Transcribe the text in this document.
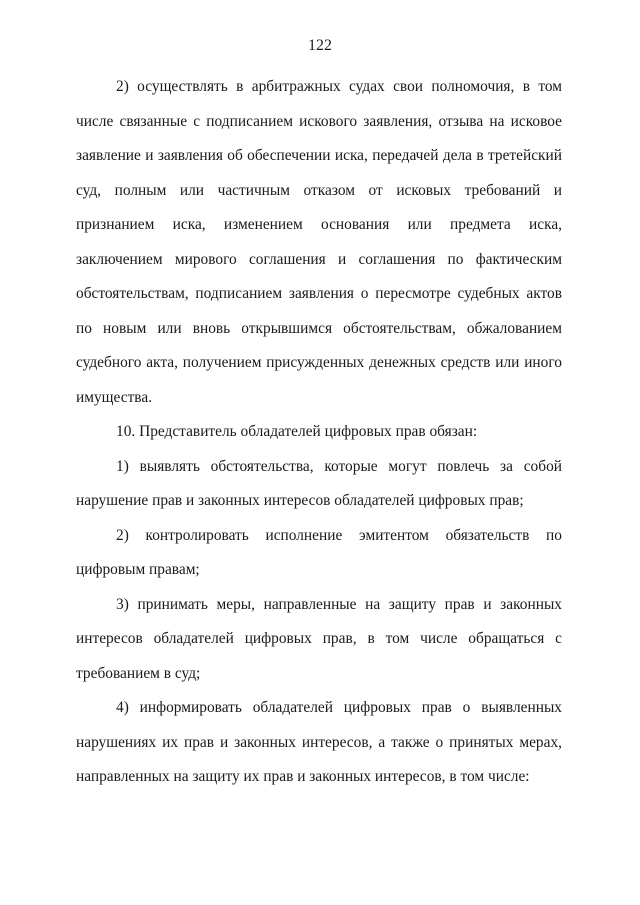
122

2) осуществлять в арбитражных судах свои полномочия, в том числе связанные с подписанием искового заявления, отзыва на исковое заявление и заявления об обеспечении иска, передачей дела в третейский суд, полным или частичным отказом от исковых требований и признанием иска, изменением основания или предмета иска, заключением мирового соглашения и соглашения по фактическим обстоятельствам, подписанием заявления о пересмотре судебных актов по новым или вновь открывшимся обстоятельствам, обжалованием судебного акта, получением присужденных денежных средств или иного имущества.

10. Представитель обладателей цифровых прав обязан:

1) выявлять обстоятельства, которые могут повлечь за собой нарушение прав и законных интересов обладателей цифровых прав;

2) контролировать исполнение эмитентом обязательств по цифровым правам;

3) принимать меры, направленные на защиту прав и законных интересов обладателей цифровых прав, в том числе обращаться с требованием в суд;

4) информировать обладателей цифровых прав о выявленных нарушениях их прав и законных интересов, а также о принятых мерах, направленных на защиту их прав и законных интересов, в том числе:
